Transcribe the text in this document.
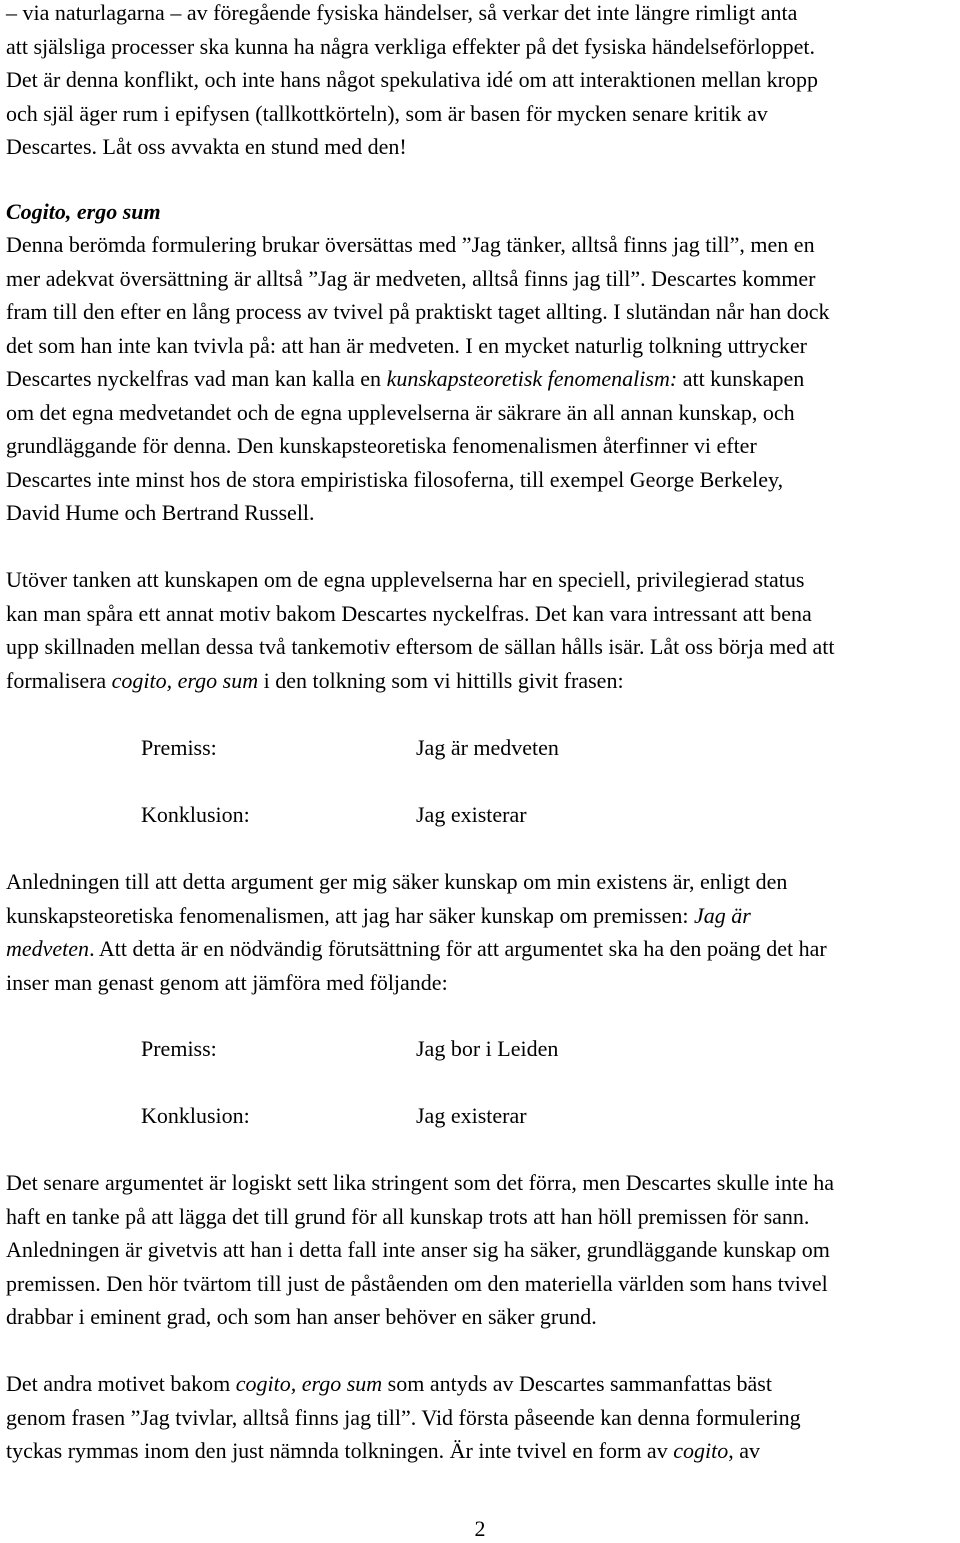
– via naturlagarna – av föregående fysiska händelser, så verkar det inte längre rimligt anta

att själsliga processer ska kunna ha några verkliga effekter på det fysiska händelseförloppet.

Det är denna konflikt, och inte hans något spekulativa idé om att interaktionen mellan kropp

och själ äger rum i epifysen (tallkottkörteln), som är basen för mycken senare kritik av

Descartes. Låt oss avvakta en stund med den!

Cogito, ergo sum

Denna berömda formulering brukar översättas med ”Jag tänker, alltså finns jag till”, men en

mer adekvat översättning är alltså ”Jag är medveten, alltså finns jag till”. Descartes kommer

fram till den efter en lång process av tvivel på praktiskt taget allting. I slutändan når han dock

det som han inte kan tvivla på: att han är medveten. I en mycket naturlig tolkning uttrycker

Descartes nyckelfras vad man kan kalla en kunskapsteoretisk fenomenalism: att kunskapen

om det egna medvetandet och de egna upplevelserna är säkrare än all annan kunskap, och

grundläggande för denna. Den kunskapsteoretiska fenomenalismen återfinner vi efter

Descartes inte minst hos de stora empiristiska filosoferna, till exempel George Berkeley,

David Hume och Bertrand Russell.

Utöver tanken att kunskapen om de egna upplevelserna har en speciell, privilegierad status

kan man spåra ett annat motiv bakom Descartes nyckelfras. Det kan vara intressant att bena

upp skillnaden mellan dessa två tankemotiv eftersom de sällan hålls isär. Låt oss börja med att

formalisera cogito, ergo sum i den tolkning som vi hittills givit frasen:

Premiss:	Jag är medveten
Konklusion:	Jag existerar

Anledningen till att detta argument ger mig säker kunskap om min existens är, enligt den

kunskapsteoretiska fenomenalismen, att jag har säker kunskap om premissen: Jag är

medveten. Att detta är en nödvändig förutsättning för att argumentet ska ha den poäng det har

inser man genast genom att jämföra med följande:

Premiss:	Jag bor i Leiden
Konklusion:	Jag existerar

Det senare argumentet är logiskt sett lika stringent som det förra, men Descartes skulle inte ha

haft en tanke på att lägga det till grund för all kunskap trots att han höll premissen för sann.

Anledningen är givetvis att han i detta fall inte anser sig ha säker, grundläggande kunskap om

premissen. Den hör tvärtom till just de påståenden om den materiella världen som hans tvivel

drabbar i eminent grad, och som han anser behöver en säker grund.

Det andra motivet bakom cogito, ergo sum som antyds av Descartes sammanfattas bäst

genom frasen ”Jag tvivlar, alltså finns jag till”. Vid första påseende kan denna formulering

tyckas rymmas inom den just nämnda tolkningen. Är inte tvivel en form av cogito, av

2
